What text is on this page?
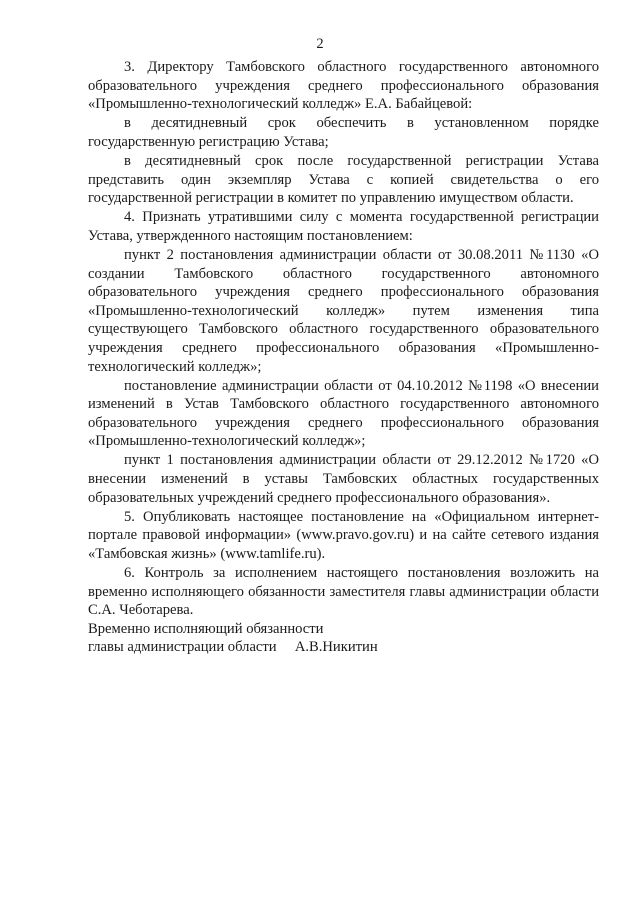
2

3. Директору Тамбовского областного государственного автономного образовательного учреждения среднего профессионального образования «Промышленно-технологический колледж» Е.А. Бабайцевой:

в десятидневный срок обеспечить в установленном порядке государственную регистрацию Устава;

в десятидневный срок после государственной регистрации Устава представить один экземпляр Устава с копией свидетельства о его государственной регистрации в комитет по управлению имуществом области.

4. Признать утратившими силу с момента государственной регистрации Устава, утвержденного настоящим постановлением:

пункт 2 постановления администрации области от 30.08.2011 №1130 «О создании Тамбовского областного государственного автономного образовательного учреждения среднего профессионального образования «Промышленно-технологический колледж» путем изменения типа существующего Тамбовского областного государственного образовательного учреждения среднего профессионального образования «Промышленно-технологический колледж»;

постановление администрации области от 04.10.2012 №1198 «О внесении изменений в Устав Тамбовского областного государственного автономного образовательного учреждения среднего профессионального образования «Промышленно-технологический колледж»;

пункт 1 постановления администрации области от 29.12.2012 №1720 «О внесении изменений в уставы Тамбовских областных государственных образовательных учреждений среднего профессионального образования».

5. Опубликовать настоящее постановление на «Официальном интернет-портале правовой информации» (www.pravo.gov.ru) и на сайте сетевого издания «Тамбовская жизнь» (www.tamlife.ru).

6. Контроль за исполнением настоящего постановления возложить на временно исполняющего обязанности заместителя главы администрации области С.А. Чеботарева.

Временно исполняющий обязанности
главы администрации области     А.В.Никитин
